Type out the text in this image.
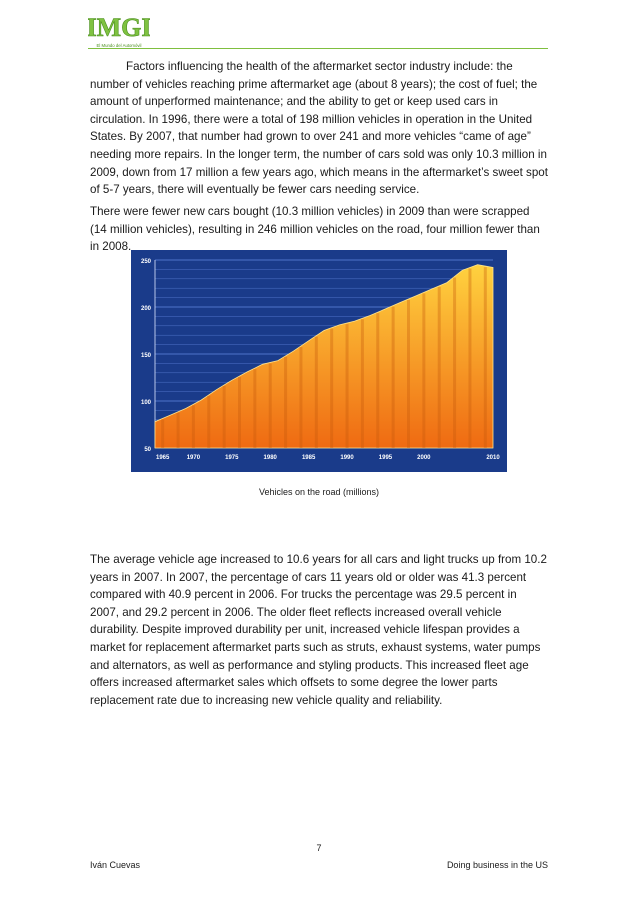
IMGI
El Mundo del Automóvil

Factors influencing the health of the aftermarket sector industry include: the number of vehicles reaching prime aftermarket age (about 8 years); the cost of fuel; the amount of unperformed maintenance; and the ability to get or keep used cars in circulation. In 1996, there were a total of 198 million vehicles in operation in the United States. By 2007, that number had grown to over 241 and more vehicles “came of age” needing more repairs. In the longer term, the number of cars sold was only 10.3 million in 2009, down from 17 million a few years ago, which means in the aftermarket’s sweet spot of 5-7 years, there will eventually be fewer cars needing service.

There were fewer new cars bought (10.3 million vehicles) in 2009 than were scrapped (14 million vehicles), resulting in 246 million vehicles on the road, four million fewer than in 2008.

50
100
150
200
250
1965	1970	1975	1980	1985	1990	1995	2000	2010
Vehicles on the road (millions)

The average vehicle age increased to 10.6 years for all cars and light trucks up from 10.2 years in 2007. In 2007, the percentage of cars 11 years old or older was 41.3 percent compared with 40.9 percent in 2006. For trucks the percentage was 29.5 percent in 2007, and 29.2 percent in 2006. The older fleet reflects increased overall vehicle durability. Despite improved durability per unit, increased vehicle lifespan provides a market for replacement aftermarket parts such as struts, exhaust systems, water pumps and alternators, as well as performance and styling products. This increased fleet age offers increased aftermarket sales which offsets to some degree the lower parts replacement rate due to increasing new vehicle quality and reliability.

7
Iván Cuevas	Doing business in the US
